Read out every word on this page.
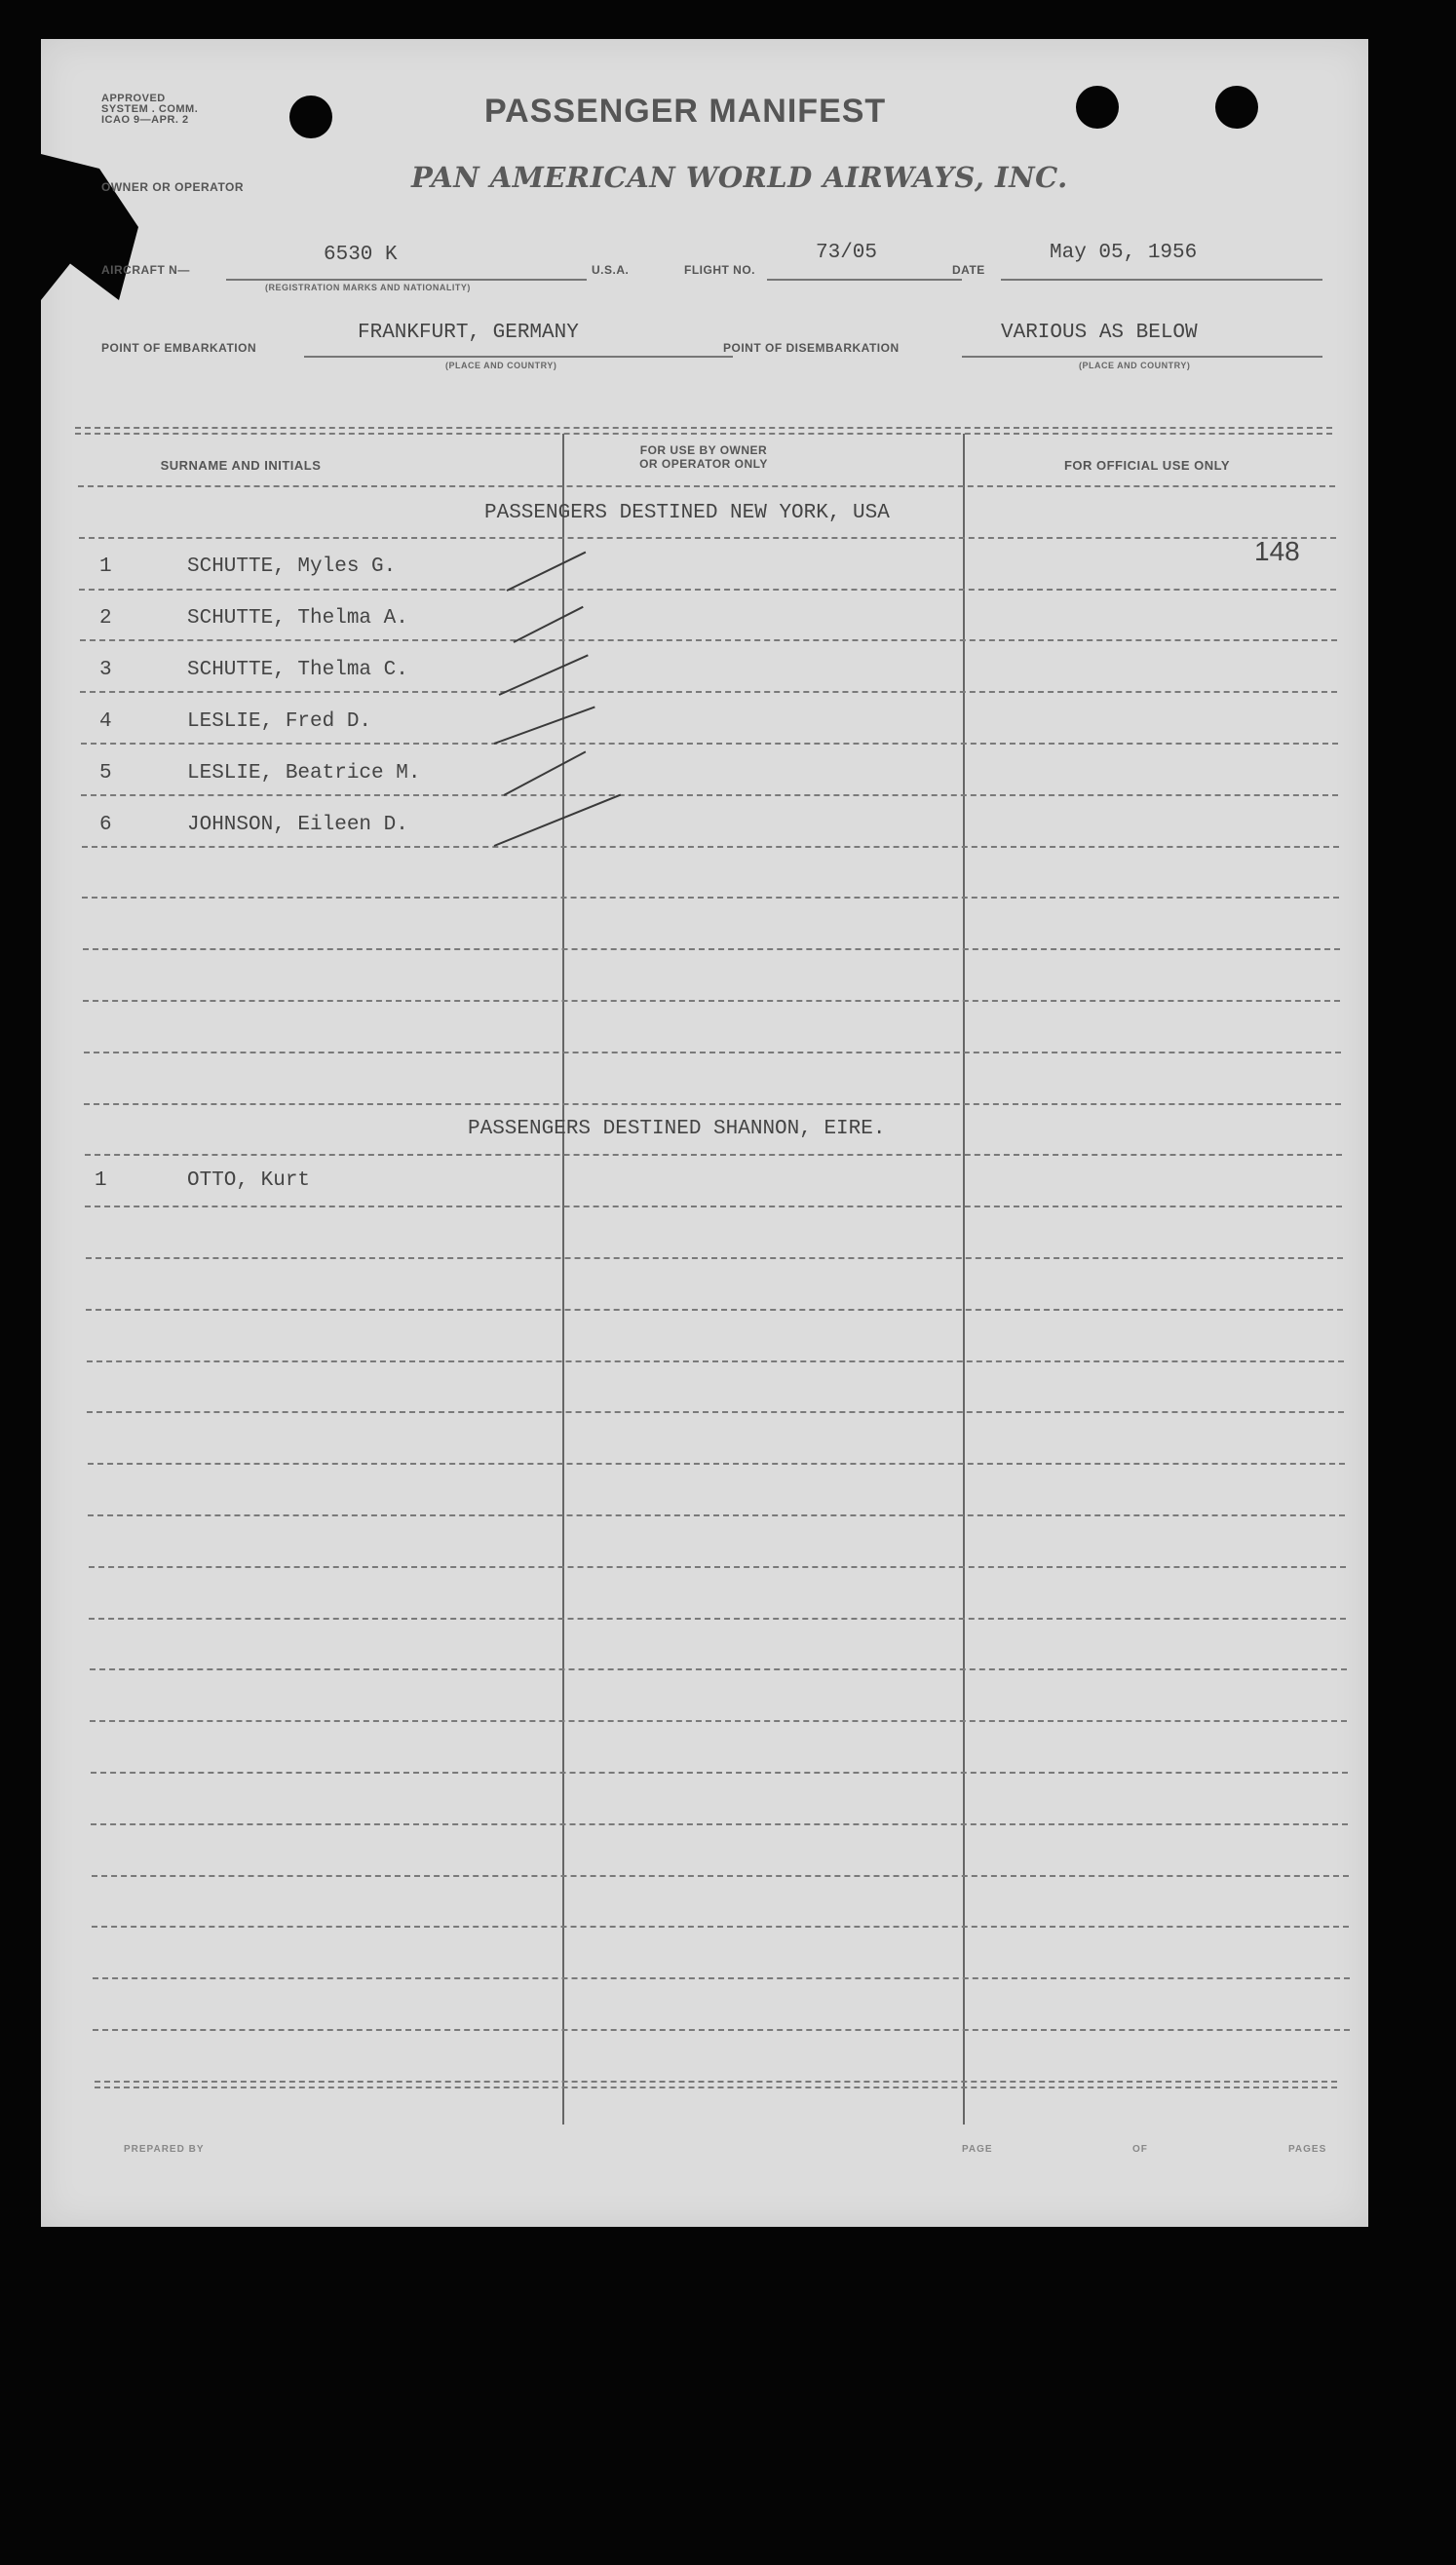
APPROVED
SYSTEM . COMM.
ICAO 9—APR. 2	PASSENGER MANIFEST
OWNER OR OPERATOR	PAN AMERICAN WORLD AIRWAYS, INC.
AIRCRAFT N—
6530 K
(REGISTRATION MARKS AND NATIONALITY)
U.S.A.	FLIGHT NO.
73/05
DATE
May 05, 1956
POINT OF EMBARKATION
FRANKFURT, GERMANY
(PLACE AND COUNTRY)
POINT OF DISEMBARKATION
VARIOUS AS BELOW
(PLACE AND COUNTRY)
SURNAME AND INITIALS
FOR USE BY OWNER
OR OPERATOR ONLY	FOR OFFICIAL USE ONLY
PASSENGERS DESTINED NEW YORK, USA
148
1	SCHUTTE, Myles G.
2	SCHUTTE, Thelma A.
3	SCHUTTE, Thelma C.
4	LESLIE, Fred D.
5	LESLIE, Beatrice M.
6	JOHNSON, Eileen D.
PASSENGERS DESTINED SHANNON, EIRE.
1	OTTO, Kurt
PREPARED BY	PAGE	OF	PAGES
